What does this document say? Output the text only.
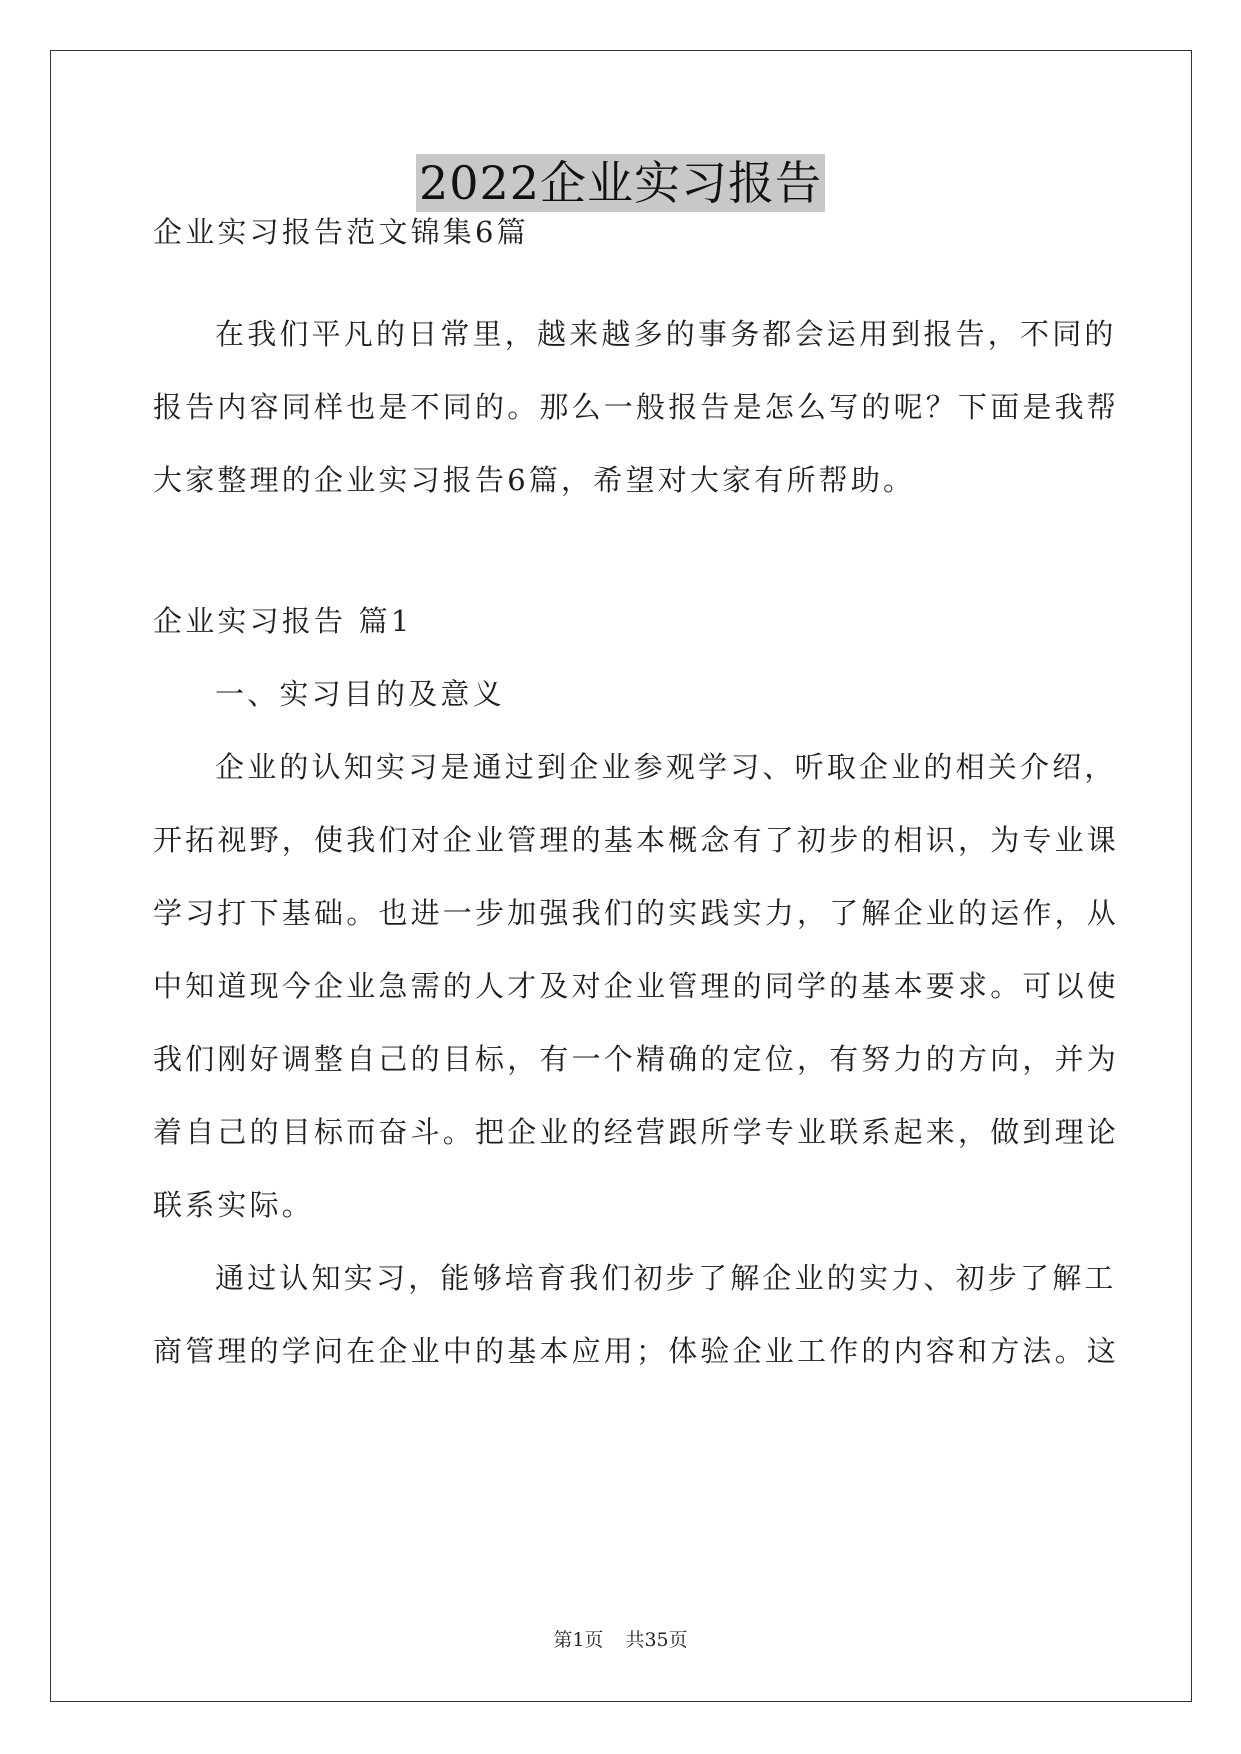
2022企业实习报告
企业实习报告范文锦集6篇
在我们平凡的日常里，越来越多的事务都会运用到报告，不同的
报告内容同样也是不同的。那么一般报告是怎么写的呢？下面是我帮
大家整理的企业实习报告6篇，希望对大家有所帮助。
企业实习报告 篇1
一、实习目的及意义
企业的认知实习是通过到企业参观学习、听取企业的相关介绍，
开拓视野，使我们对企业管理的基本概念有了初步的相识，为专业课
学习打下基础。也进一步加强我们的实践实力，了解企业的运作，从
中知道现今企业急需的人才及对企业管理的同学的基本要求。可以使
我们刚好调整自己的目标，有一个精确的定位，有努力的方向，并为
着自己的目标而奋斗。把企业的经营跟所学专业联系起来，做到理论
联系实际。
通过认知实习，能够培育我们初步了解企业的实力、初步了解工
商管理的学问在企业中的基本应用；体验企业工作的内容和方法。这
第1页 共35页
